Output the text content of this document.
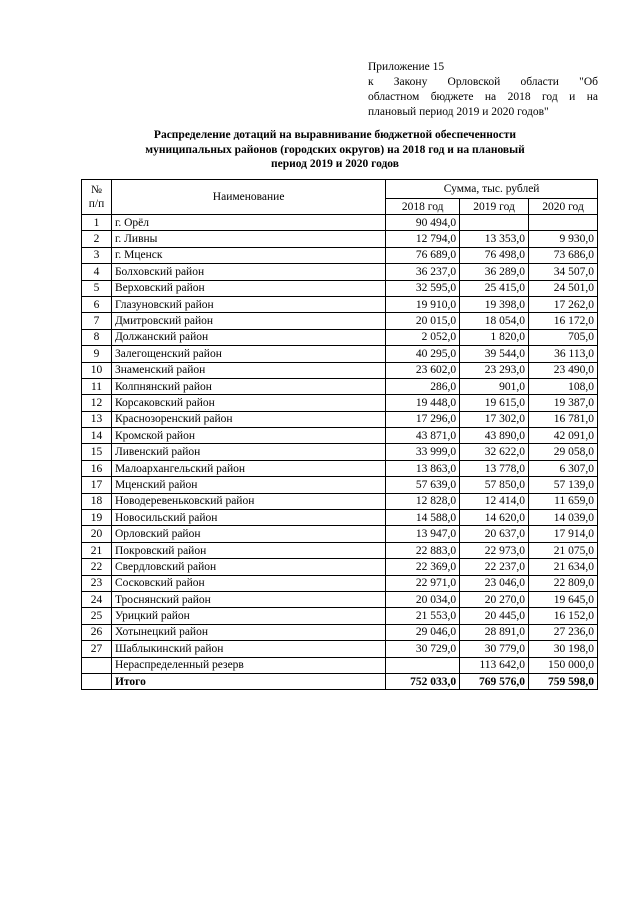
Приложение 15
к Закону Орловской области "Об
областном бюджете на 2018 год и на
плановый период 2019 и 2020 годов"
Распределение дотаций на выравнивание бюджетной обеспеченности
муниципальных районов (городских округов) на 2018 год и на плановый
период 2019 и 2020 годов
№
п/п	Наименование	Сумма, тыс. рублей		
		2018 год	2019 год	2020 год
1	г. Орёл	90 494,0		
2	г. Ливны	12 794,0	13 353,0	9 930,0
3	г. Мценск	76 689,0	76 498,0	73 686,0
4	Болховский район	36 237,0	36 289,0	34 507,0
5	Верховский район	32 595,0	25 415,0	24 501,0
6	Глазуновский район	19 910,0	19 398,0	17 262,0
7	Дмитровский район	20 015,0	18 054,0	16 172,0
8	Должанский район	2 052,0	1 820,0	705,0
9	Залегощенский район	40 295,0	39 544,0	36 113,0
10	Знаменский район	23 602,0	23 293,0	23 490,0
11	Колпнянский район	286,0	901,0	108,0
12	Корсаковский район	19 448,0	19 615,0	19 387,0
13	Краснозоренский район	17 296,0	17 302,0	16 781,0
14	Кромской район	43 871,0	43 890,0	42 091,0
15	Ливенский район	33 999,0	32 622,0	29 058,0
16	Малоархангельский район	13 863,0	13 778,0	6 307,0
17	Мценский район	57 639,0	57 850,0	57 139,0
18	Новодеревеньковский район	12 828,0	12 414,0	11 659,0
19	Новосильский район	14 588,0	14 620,0	14 039,0
20	Орловский район	13 947,0	20 637,0	17 914,0
21	Покровский район	22 883,0	22 973,0	21 075,0
22	Свердловский район	22 369,0	22 237,0	21 634,0
23	Сосковский район	22 971,0	23 046,0	22 809,0
24	Троснянский район	20 034,0	20 270,0	19 645,0
25	Урицкий район	21 553,0	20 445,0	16 152,0
26	Хотынецкий район	29 046,0	28 891,0	27 236,0
27	Шаблыкинский район	30 729,0	30 779,0	30 198,0
	Нераспределенный резерв		113 642,0	150 000,0
	Итого	752 033,0	769 576,0	759 598,0
